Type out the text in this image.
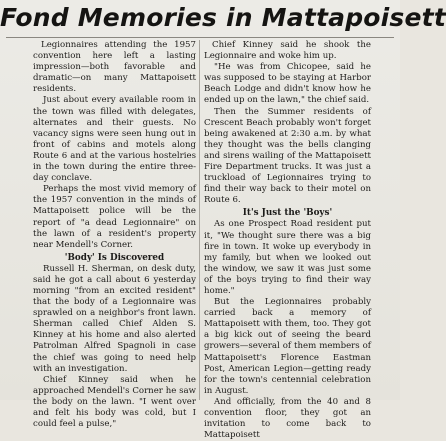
Fond Memories in Mattapoisett

Legionnaires attending the 1957 convention here left a lasting impression—both favorable and dramatic—on many Mattapoisett residents.

Just about every available room in the town was filled with delegates, alternates and their guests. No vacancy signs were seen hung out in front of cabins and motels along Route 6 and at the various hostelries in the town during the entire three-day conclave.

Perhaps the most vivid memory of the 1957 convention in the minds of Mattapoisett police will be the report of "a dead Legionnaire" on the lawn of a resident's property near Mendell's Corner.

'Body' Is Discovered

Russell H. Sherman, on desk duty, said he got a call about 6 yesterday morning "from an excited resident" that the body of a Legionnaire was sprawled on a neighbor's front lawn. Sherman called Chief Alden S. Kinney at his home and also alerted Patrolman Alfred Spagnoli in case the chief was going to need help with an investigation.

Chief Kinney said when he approached Mendell's Corner he saw the body on the lawn. "I went over and felt his body was cold, but I could feel a pulse,"

Chief Kinney said he shook the Legionnaire and woke him up.

"He was from Chicopee, said he was supposed to be staying at Harbor Beach Lodge and didn't know how he ended up on the lawn," the chief said.

Then the Summer residents of Crescent Beach probably won't forget being awakened at 2:30 a.m. by what they thought was the bells clanging and sirens wailing of the Mattapoisett Fire Department trucks. It was just a truckload of Legionnaires trying to find their way back to their motel on Route 6.

It's Just the 'Boys'

As one Prospect Road resident put it, "We thought sure there was a big fire in town. It woke up everybody in my family, but when we looked out the window, we saw it was just some of the boys trying to find their way home."

But the Legionnaires probably carried back a memory of Mattapoisett with them, too. They got a big kick out of seeing the beard growers—several of them members of Mattapoisett's Florence Eastman Post, American Legion—getting ready for the town's centennial celebration in August.

And officially, from the 40 and 8 convention floor, they got an invitation to come back to Mattapoisett
